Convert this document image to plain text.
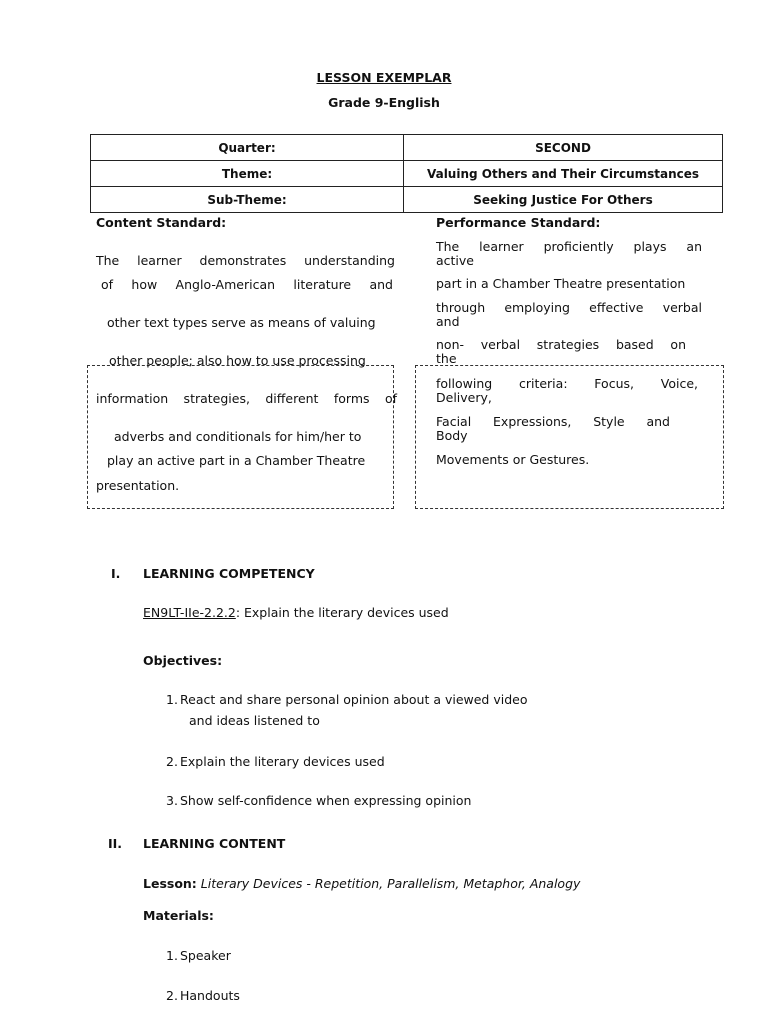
LESSON EXEMPLAR
Grade 9-English
Quarter:	SECOND
Theme:	Valuing Others and Their Circumstances
Sub-Theme:	Seeking Justice For Others
Content Standard:
The learner demonstrates understanding
of how Anglo-American literature and
other text types serve as means of valuing
other people; also how to use processing
information strategies, different forms of
adverbs and conditionals for him/her to
play an active part in a Chamber Theatre
presentation.
Performance Standard:
The learner proficiently plays an
active
part in a Chamber Theatre presentation
through employing effective verbal
and
non- verbal strategies based on
the
following criteria: Focus, Voice,
Delivery,
Facial Expressions, Style and
Body
Movements or Gestures.
I. LEARNING COMPETENCY
EN9LT-IIe-2.2.2: Explain the literary devices used
Objectives:
1. React and share personal opinion about a viewed video
and ideas listened to
2. Explain the literary devices used
3. Show self-confidence when expressing opinion
II. LEARNING CONTENT
Lesson: Literary Devices - Repetition, Parallelism, Metaphor, Analogy
Materials:
1. Speaker
2. Handouts
